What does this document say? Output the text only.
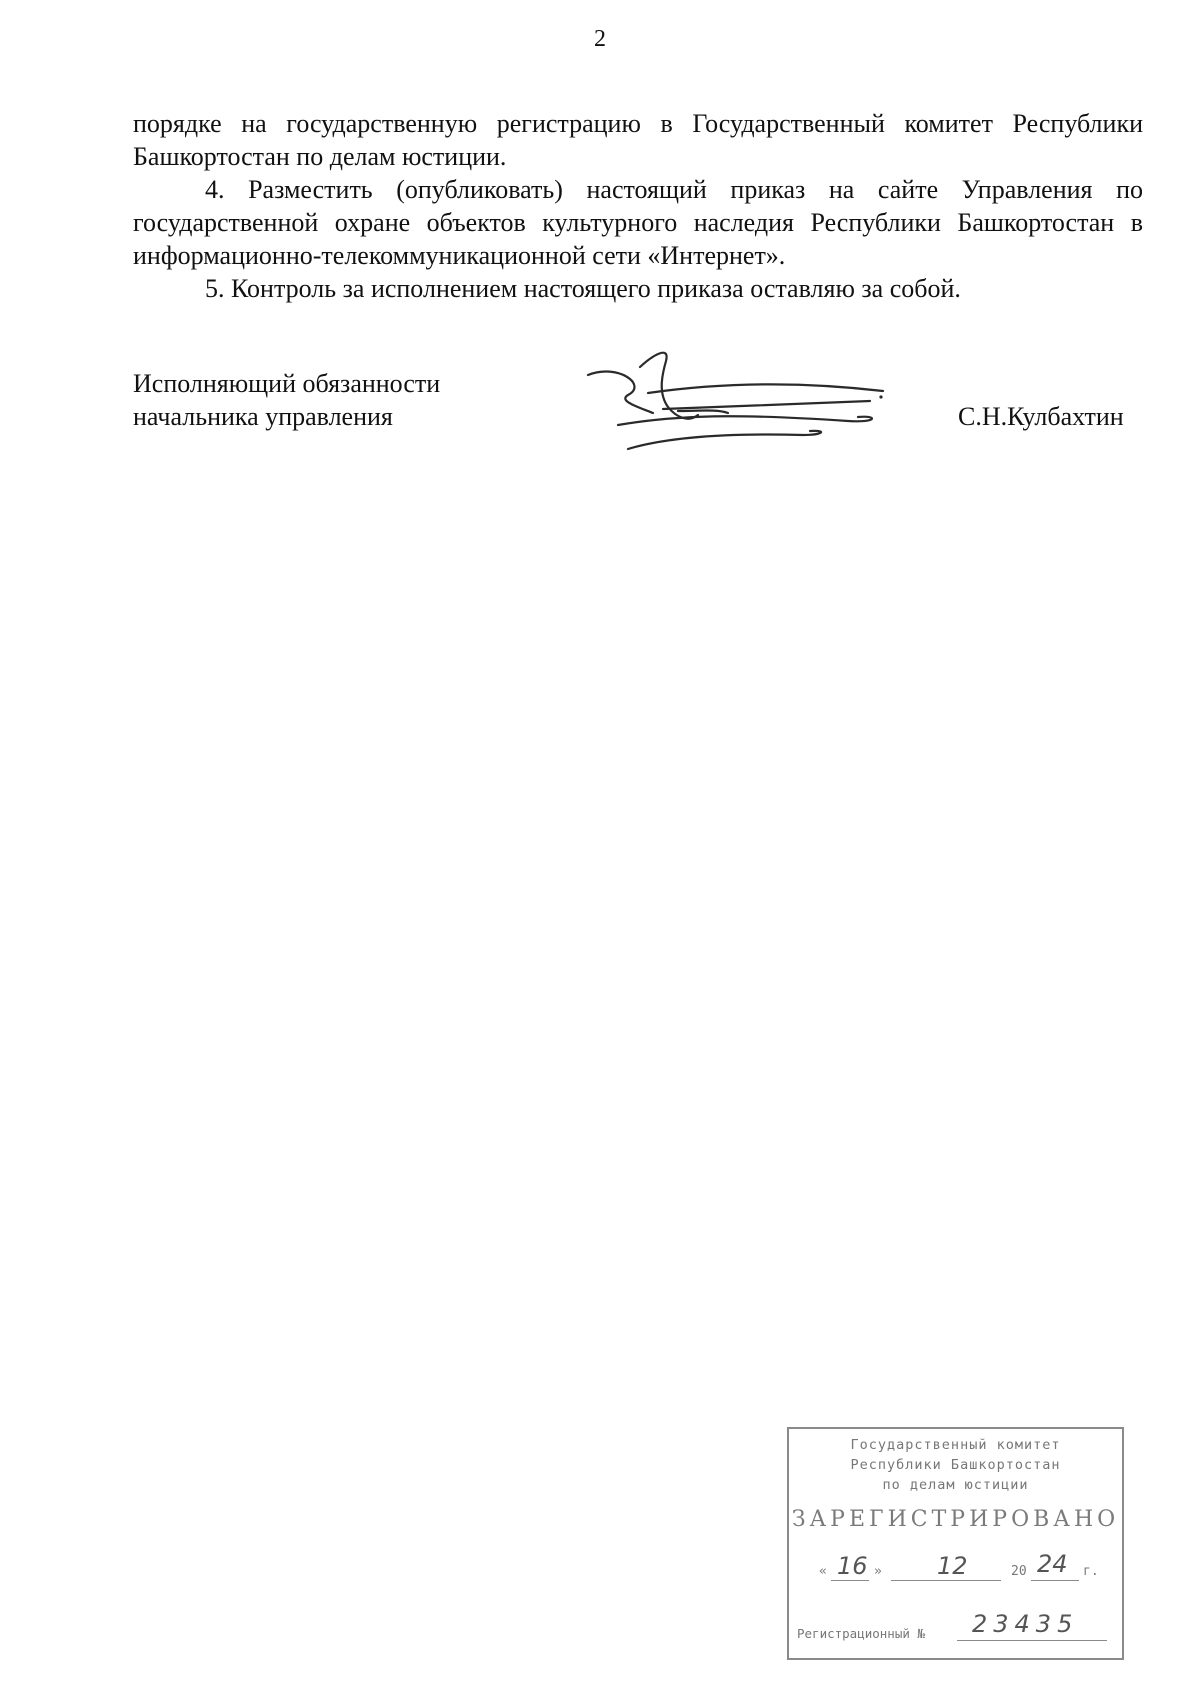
2

порядке на государственную регистрацию в Государственный комитет Республики Башкортостан по делам юстиции.

4. Разместить (опубликовать) настоящий приказ на сайте Управления по государственной охране объектов культурного наследия Республики Башкортостан в информационно-телекоммуникационной сети «Интернет».

5. Контроль за исполнением настоящего приказа оставляю за собой.

Исполняющий обязанности
начальника управления	С.Н.Кулбахтин
Государственный комитет
Республики Башкортостан
по делам юстиции
ЗАРЕГИСТРИРОВАНО
« 16 » 12	20 24 г.
Регистрационный № 23435
